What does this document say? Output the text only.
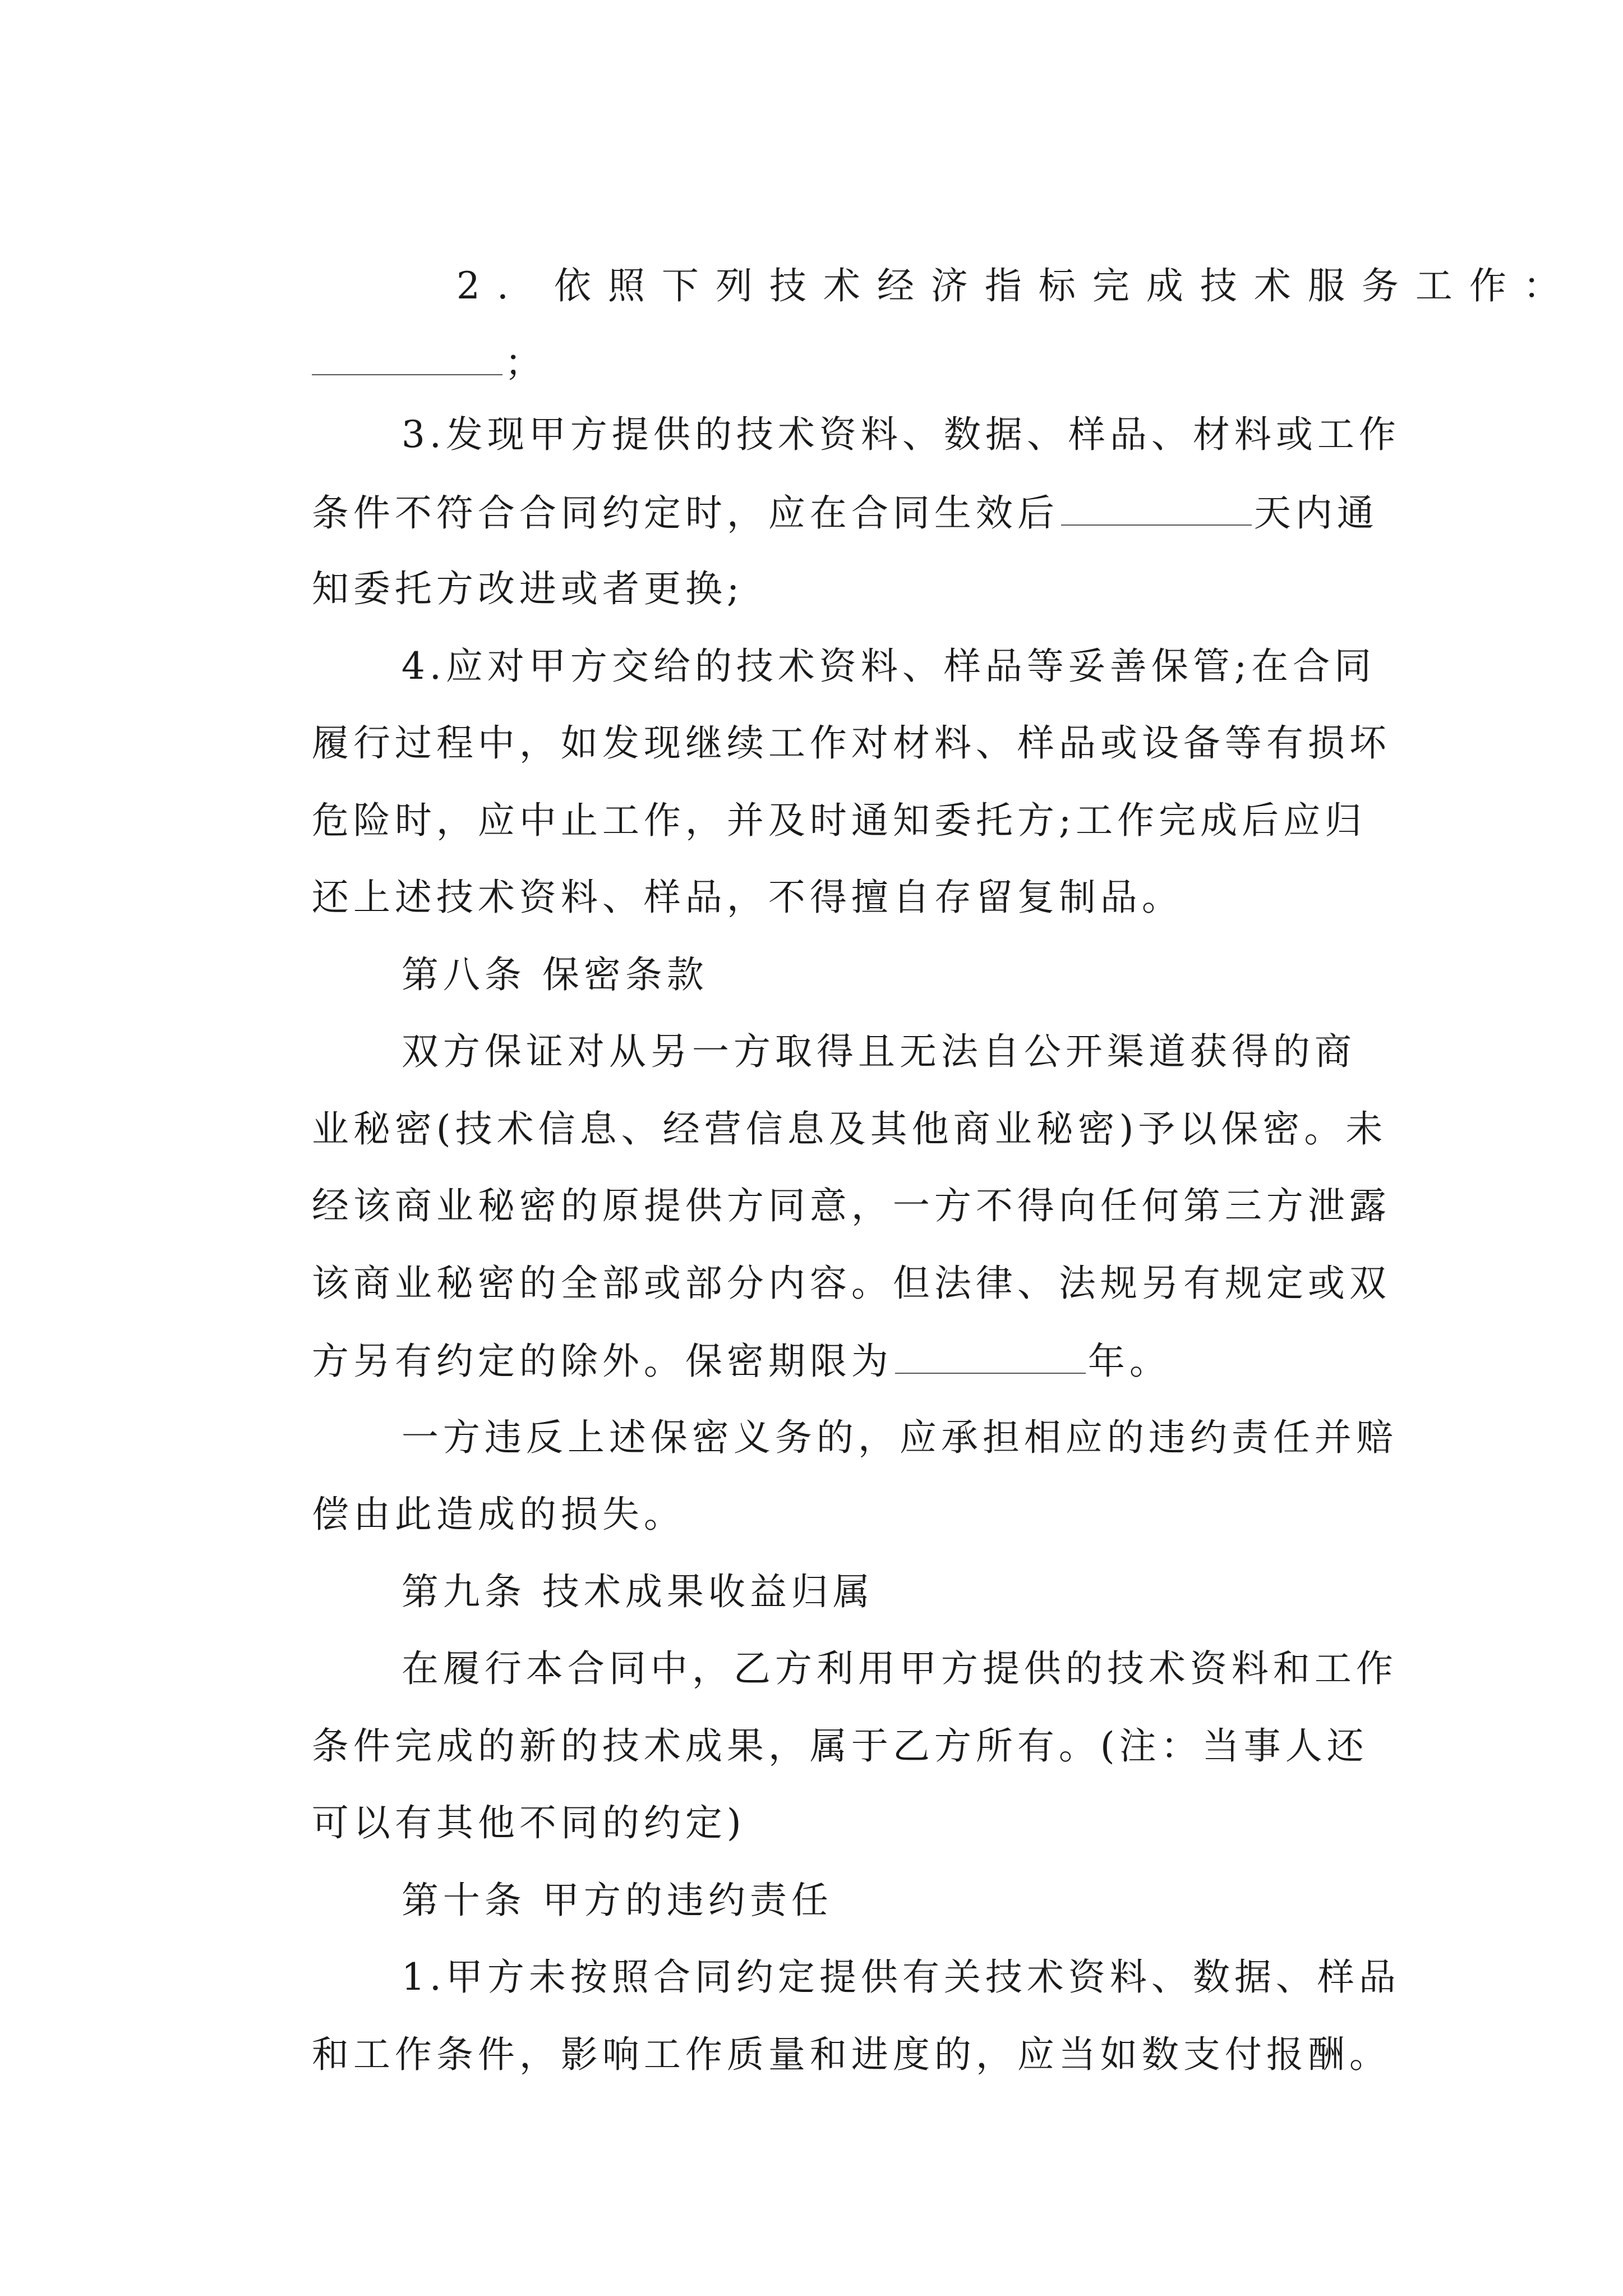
2. 依照下列技术经济指标完成技术服务工作：

；

3.发现甲方提供的技术资料、数据、样品、材料或工作

条件不符合合同约定时，应在合同生效后	天内通

知委托方改进或者更换;

4.应对甲方交给的技术资料、样品等妥善保管;在合同

履行过程中，如发现继续工作对材料、样品或设备等有损坏

危险时，应中止工作，并及时通知委托方;工作完成后应归

还上述技术资料、样品，不得擅自存留复制品。

第八条 保密条款

双方保证对从另一方取得且无法自公开渠道获得的商

业秘密(技术信息、经营信息及其他商业秘密)予以保密。未

经该商业秘密的原提供方同意，一方不得向任何第三方泄露

该商业秘密的全部或部分内容。但法律、法规另有规定或双

方另有约定的除外。保密期限为	年。

一方违反上述保密义务的，应承担相应的违约责任并赔

偿由此造成的损失。

第九条 技术成果收益归属

在履行本合同中，乙方利用甲方提供的技术资料和工作

条件完成的新的技术成果，属于乙方所有。(注：当事人还

可以有其他不同的约定)

第十条 甲方的违约责任

1.甲方未按照合同约定提供有关技术资料、数据、样品

和工作条件，影响工作质量和进度的，应当如数支付报酬。
